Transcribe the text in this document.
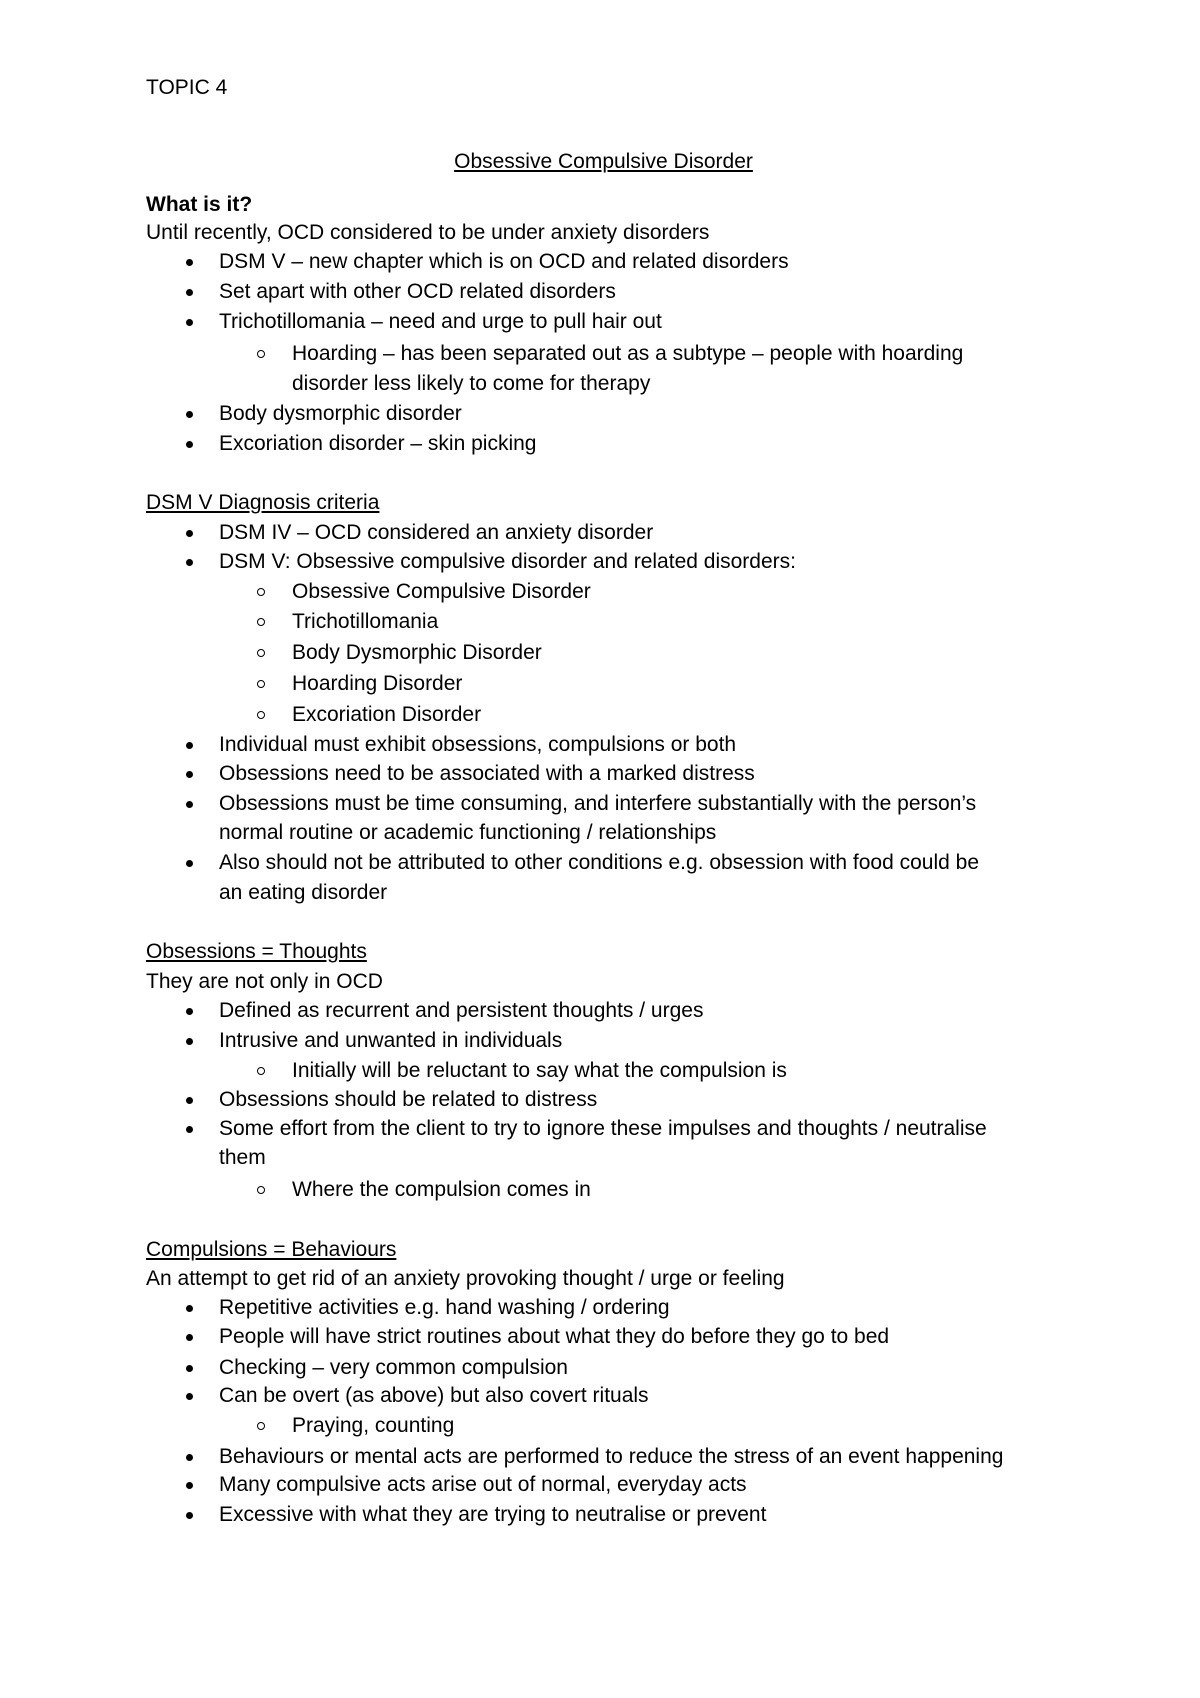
TOPIC 4
Obsessive Compulsive Disorder
What is it?
Until recently, OCD considered to be under anxiety disorders
DSM V – new chapter which is on OCD and related disorders
Set apart with other OCD related disorders
Trichotillomania – need and urge to pull hair out
Hoarding – has been separated out as a subtype – people with hoarding
disorder less likely to come for therapy
Body dysmorphic disorder
Excoriation disorder – skin picking
DSM V Diagnosis criteria
DSM IV – OCD considered an anxiety disorder
DSM V: Obsessive compulsive disorder and related disorders:
Obsessive Compulsive Disorder
Trichotillomania
Body Dysmorphic Disorder
Hoarding Disorder
Excoriation Disorder
Individual must exhibit obsessions, compulsions or both
Obsessions need to be associated with a marked distress
Obsessions must be time consuming, and interfere substantially with the person’s
normal routine or academic functioning / relationships
Also should not be attributed to other conditions e.g. obsession with food could be
an eating disorder
Obsessions = Thoughts
They are not only in OCD
Defined as recurrent and persistent thoughts / urges
Intrusive and unwanted in individuals
Initially will be reluctant to say what the compulsion is
Obsessions should be related to distress
Some effort from the client to try to ignore these impulses and thoughts / neutralise
them
Where the compulsion comes in
Compulsions = Behaviours
An attempt to get rid of an anxiety provoking thought / urge or feeling
Repetitive activities e.g. hand washing / ordering
People will have strict routines about what they do before they go to bed
Checking – very common compulsion
Can be overt (as above) but also covert rituals
Praying, counting
Behaviours or mental acts are performed to reduce the stress of an event happening
Many compulsive acts arise out of normal, everyday acts
Excessive with what they are trying to neutralise or prevent
